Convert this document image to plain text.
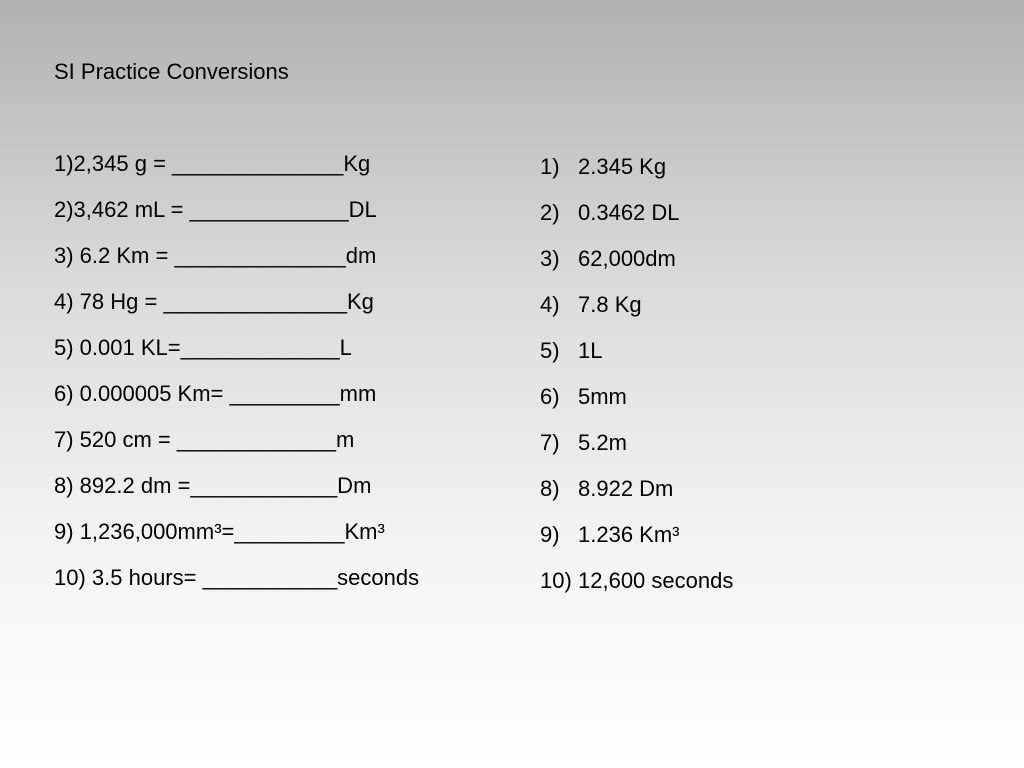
SI Practice Conversions
1)2,345 g = ______________Kg
2)3,462 mL = _____________DL
3) 6.2 Km = ______________dm
4) 78 Hg = _______________Kg
5) 0.001 KL=_____________L
6) 0.000005 Km= _________mm
7) 520 cm = _____________m
8) 892.2 dm =____________Dm
9) 1,236,000mm³=_________Km³
10) 3.5 hours= ___________seconds
1) 2.345 Kg
2) 0.3462 DL
3) 62,000dm
4) 7.8 Kg
5) 1L
6) 5mm
7) 5.2m
8) 8.922 Dm
9) 1.236 Km³
10) 12,600 seconds
